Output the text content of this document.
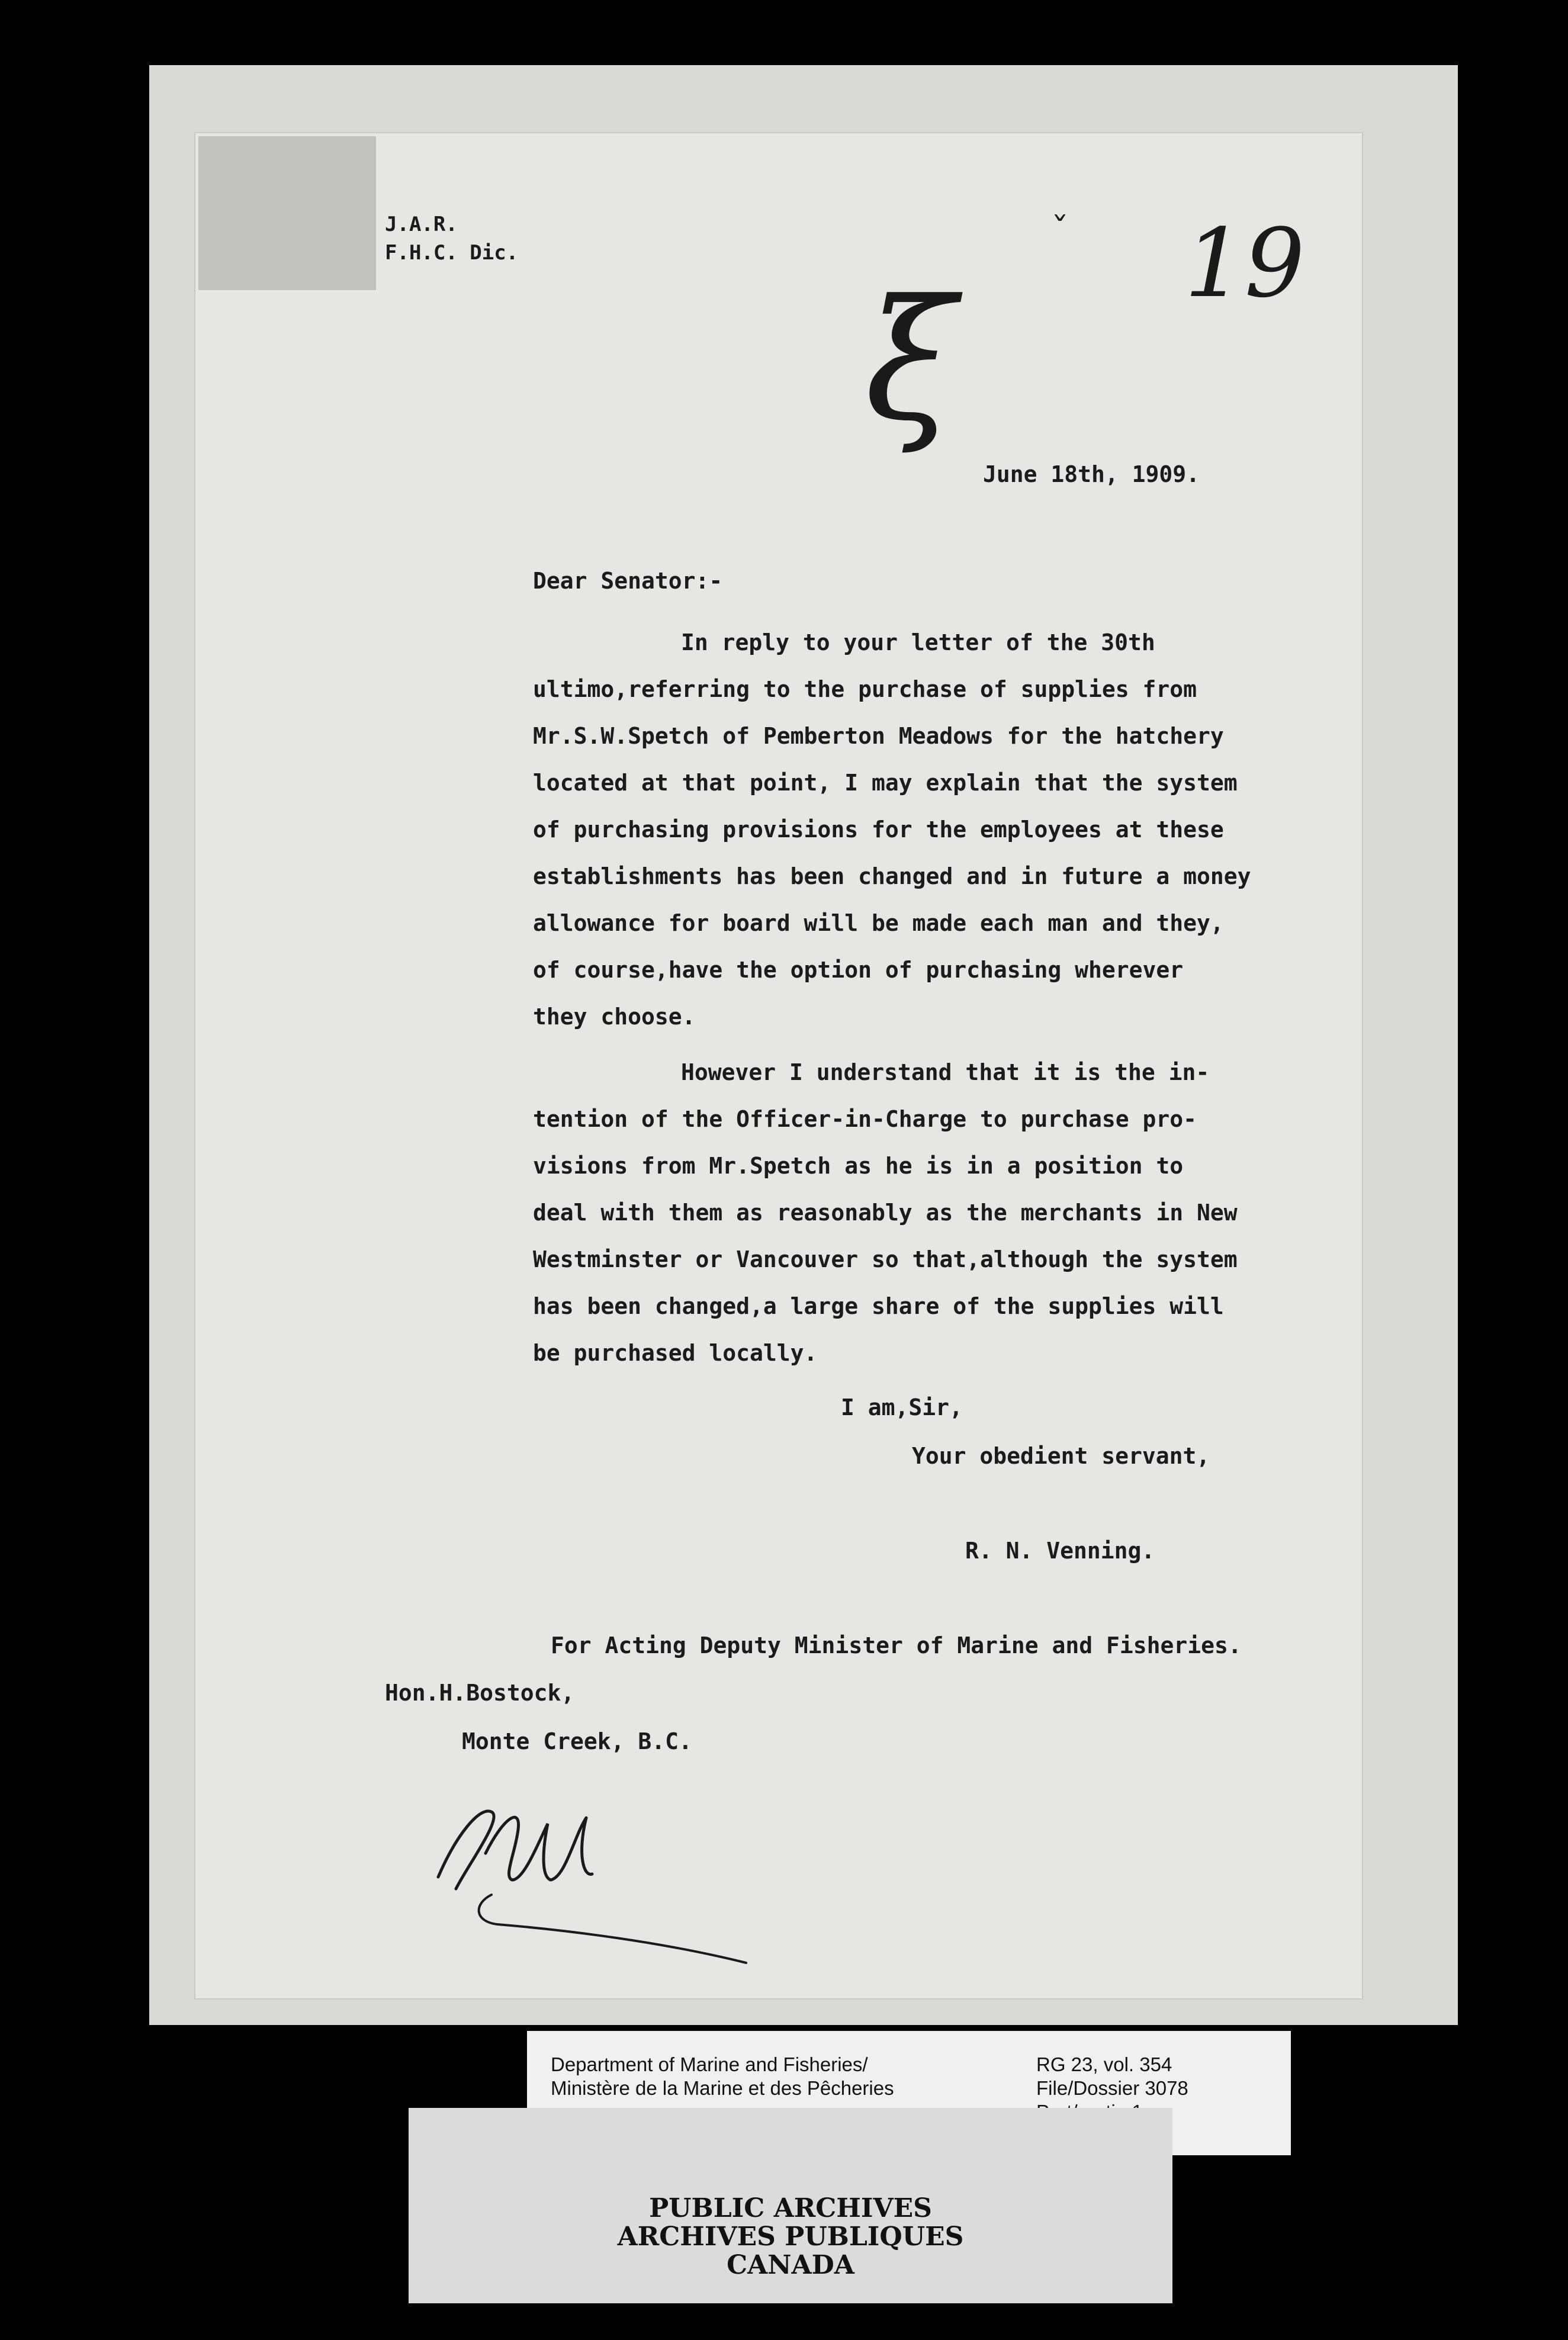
J.A.R.

F.H.C. Dic.

ˇ 19

ξ

June 18th, 1909.

Dear Senator:-

In reply to your letter of the 30th
ultimo,referring to the purchase of supplies from
Mr.S.W.Spetch of Pemberton Meadows for the hatchery
located at that point, I may explain that the system
of purchasing provisions for the employees at these
establishments has been changed and in future a money
allowance for board will be made each man and they,
of course,have the option of purchasing wherever
they choose.
However I understand that it is the in-
tention of the Officer-in-Charge to purchase pro-
visions from Mr.Spetch as he is in a position to
deal with them as reasonably as the merchants in New
Westminster or Vancouver so that,although the system
has been changed,a large share of the supplies will
be purchased locally.

I am,Sir,

Your obedient servant,

R. N. Venning.

For Acting Deputy Minister of Marine and Fisheries.

Hon.H.Bostock,

Monte Creek, B.C.

Department of Marine and Fisheries/

Ministère de la Marine et des Pêcheries

RG 23, vol. 354

File/Dossier 3078

PUBLIC ARCHIVES

ARCHIVES PUBLIQUES

CANADA
